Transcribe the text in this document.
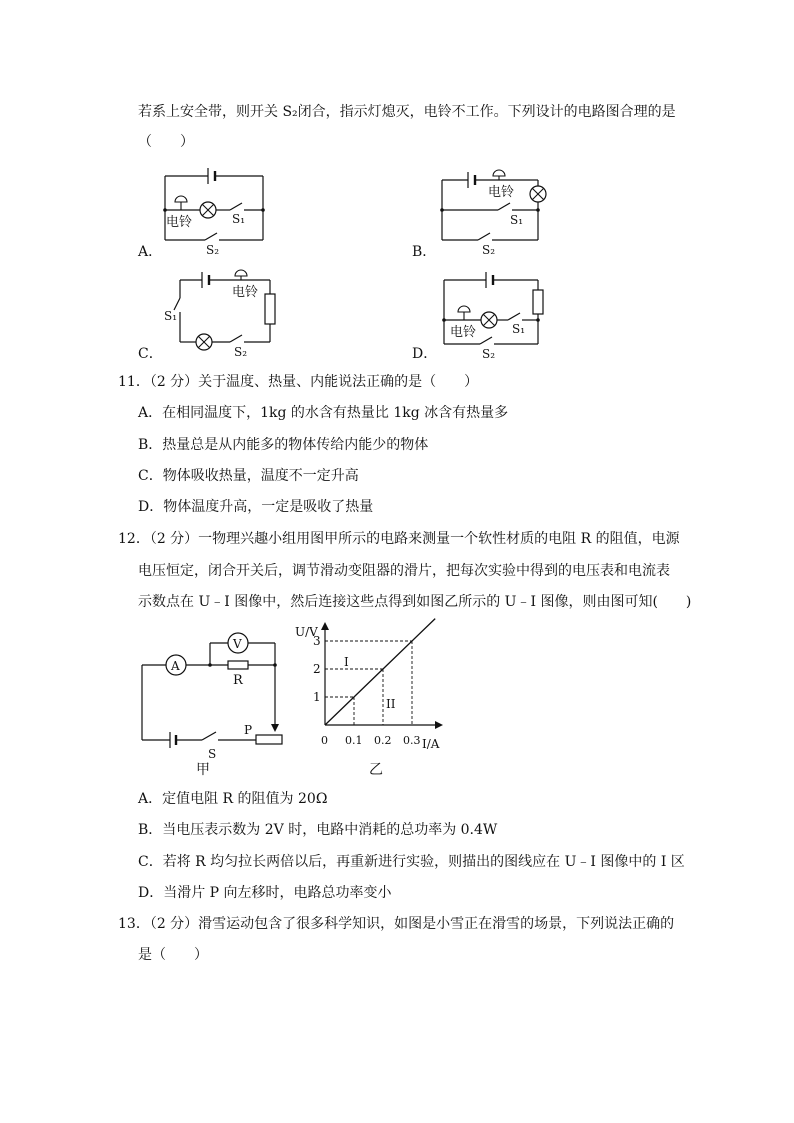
若系上安全带，则开关 S₂闭合，指示灯熄灭，电铃不工作。下列设计的电路图合理的是
（　　）
电铃	S₁
S₂
A．
电铃
S₁
S₂
B．
电铃
S₁
S₂
C．
电铃	S₁
S₂
D．
11．（2 分）关于温度、热量、内能说法正确的是（　　）
A．在相同温度下，1kg 的水含有热量比 1kg 冰含有热量多
B．热量总是从内能多的物体传给内能少的物体
C．物体吸收热量，温度不一定升高
D．物体温度升高，一定是吸收了热量
12．（2 分）一物理兴趣小组用图甲所示的电路来测量一个软性材质的电阻 R 的阻值，电源
电压恒定，闭合开关后，调节滑动变阻器的滑片，把每次实验中得到的电压表和电流表
示数点在 U﹣I 图像中，然后连接这些点得到如图乙所示的 U﹣I 图像，则由图可知(　　)
A
V
R
S
P
甲
U/V
I/A
0 0.1 0.2 0.3
1
2
3
I
II
乙
A．定值电阻 R 的阻值为 20Ω
B．当电压表示数为 2V 时，电路中消耗的总功率为 0.4W
C．若将 R 均匀拉长两倍以后，再重新进行实验，则描出的图线应在 U﹣I 图像中的 I 区
D．当滑片 P 向左移时，电路总功率变小
13．（2 分）滑雪运动包含了很多科学知识，如图是小雪正在滑雪的场景，下列说法正确的
是（　　）
